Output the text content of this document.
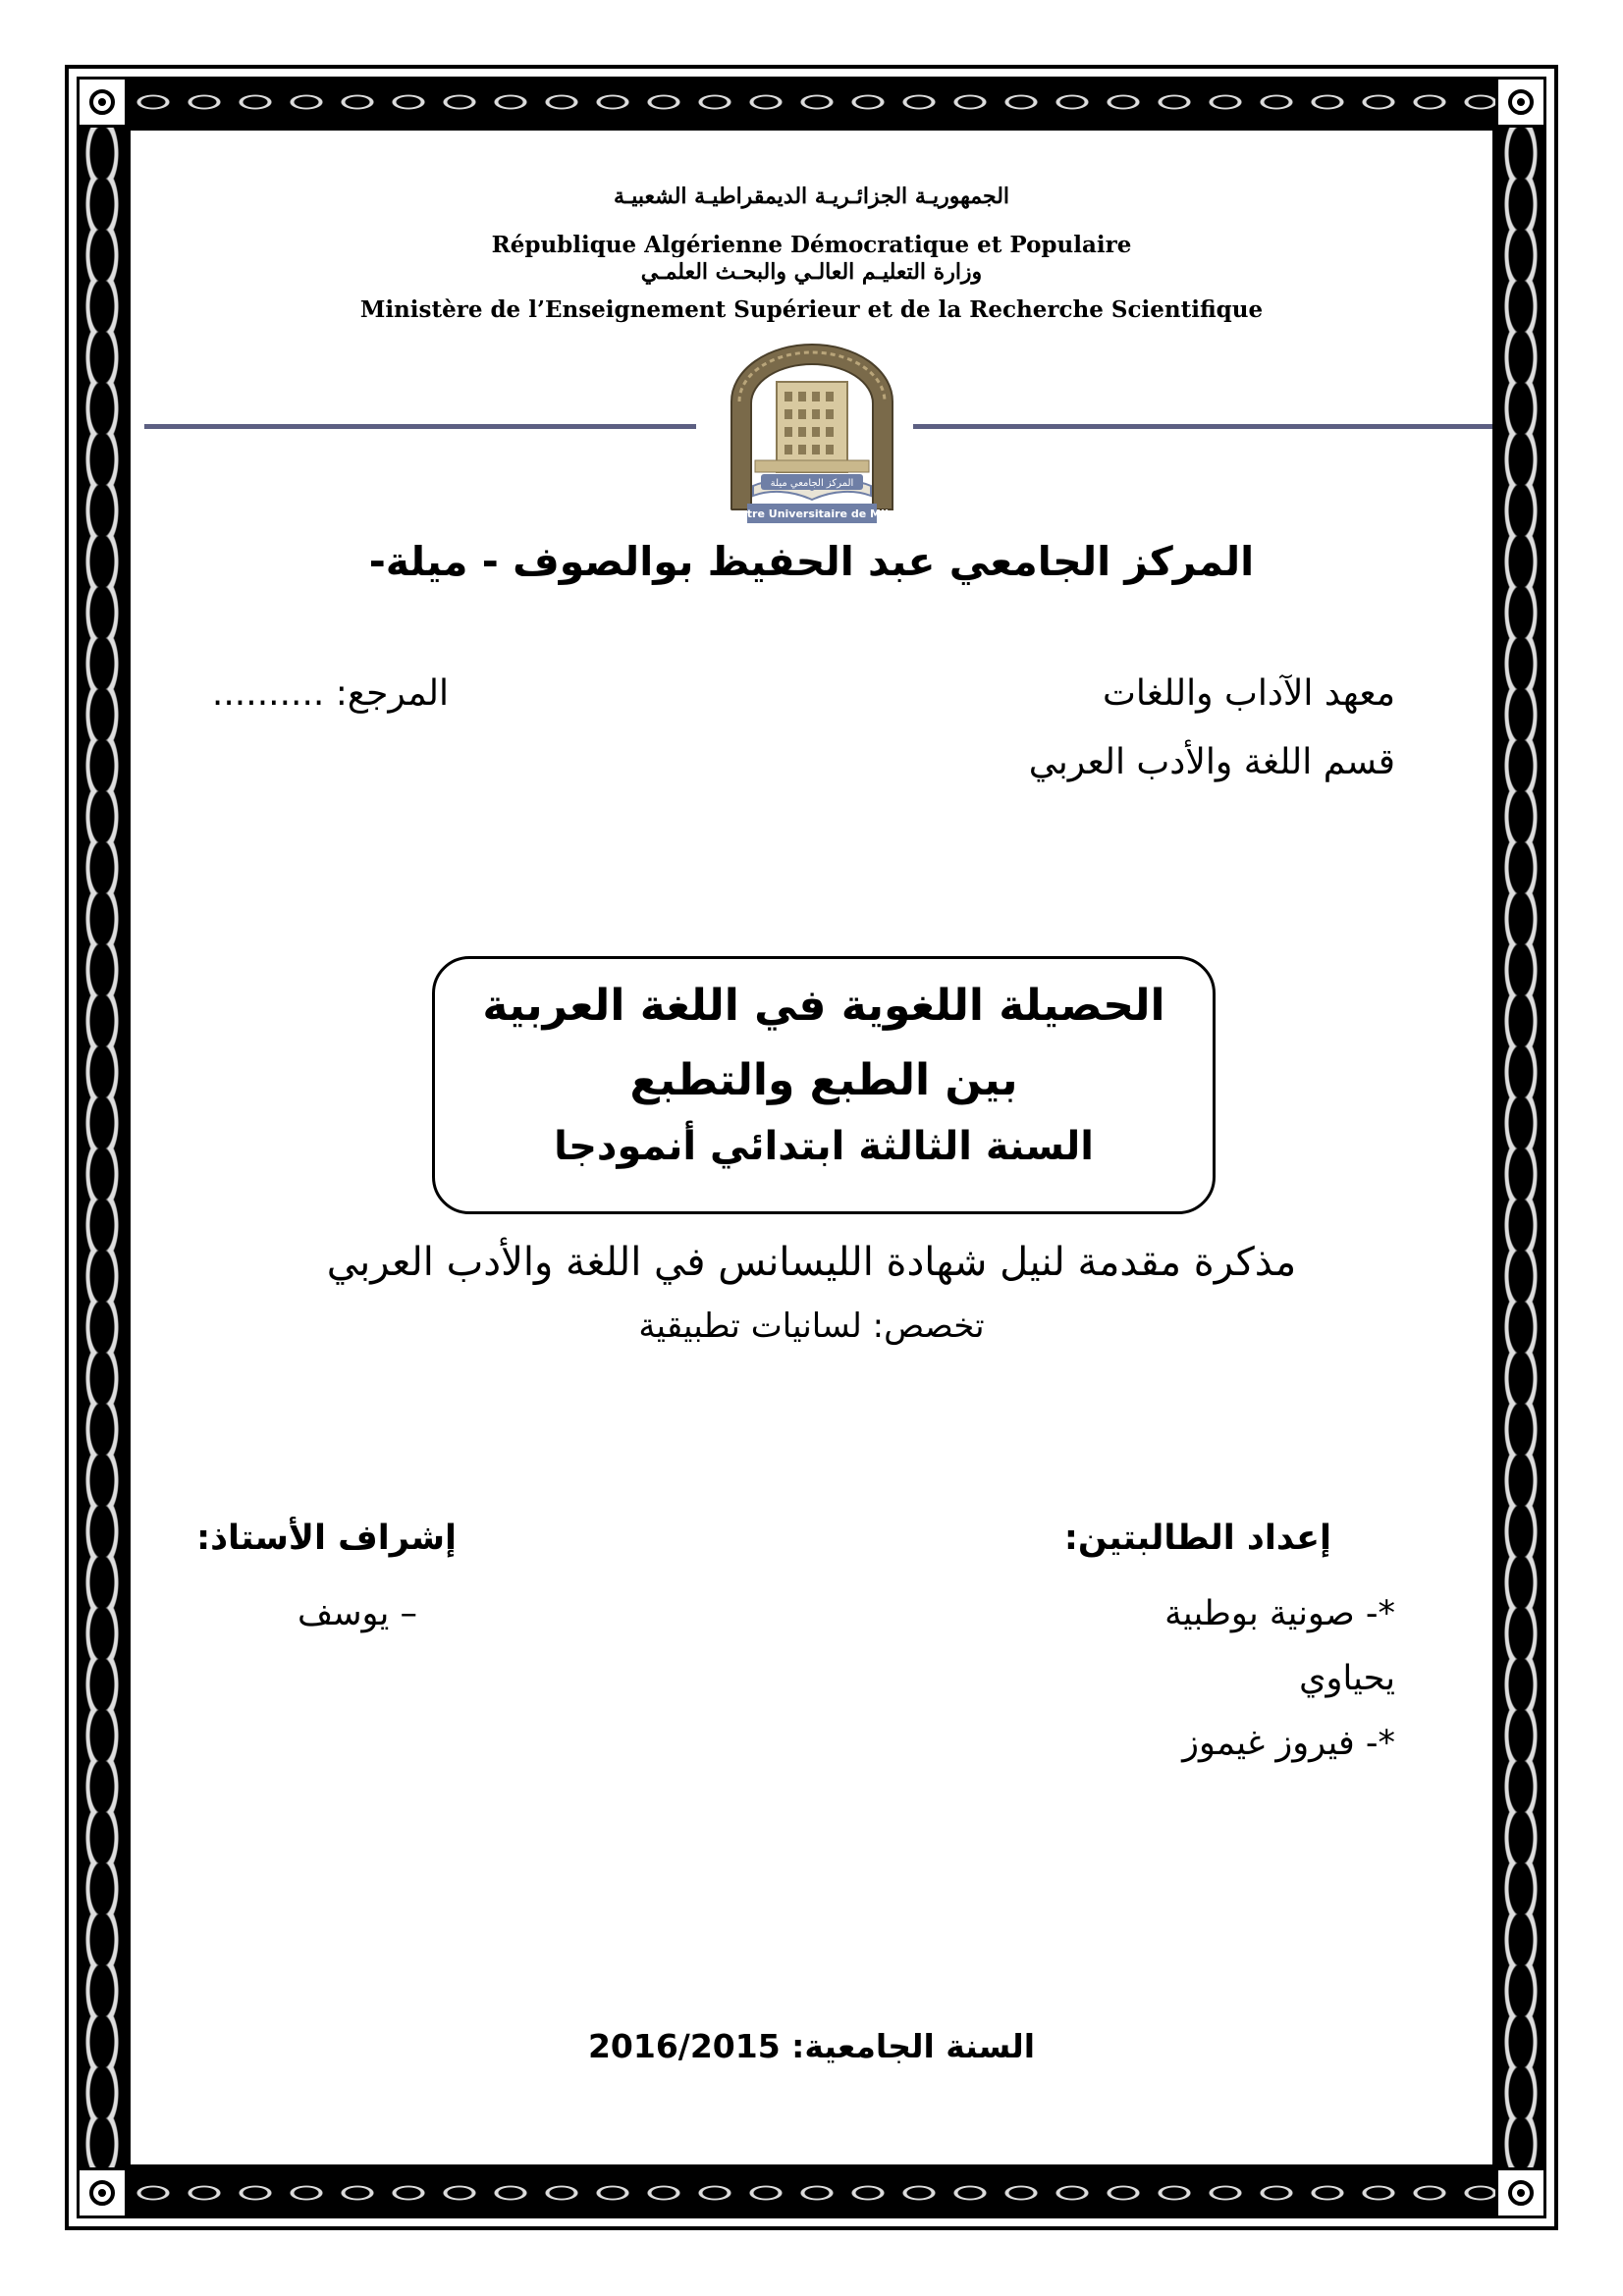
الجمهوريـة الجزائـريـة الديمقراطيـة الشعبيـة
République Algérienne Démocratique et Populaire
وزارة التعليـم العالـي والبحـث العلمـي
Ministère de l’Enseignement Supérieur et de la Recherche Scientifique
المركز الجامعي ميلة
Centre Universitaire de MILA
المركز الجامعي عبد الحفيظ بوالصوف - ميلة-
معهد الآداب واللغات
قسم اللغة والأدب العربي
المرجع: ..........
الحصيلة اللغوية في اللغة العربية
بين الطبع والتطبع
السنة الثالثة ابتدائي أنمودجا
مذكرة مقدمة لنيل شهادة الليسانس في اللغة والأدب العربي
تخصص: لسانيات تطبيقية
إعداد الطالبتين:
إشراف الأستاذ:
*- صونية بوطبية
– يوسف
يحياوي
*- فيروز غيموز
السنة الجامعية: 2016/2015
